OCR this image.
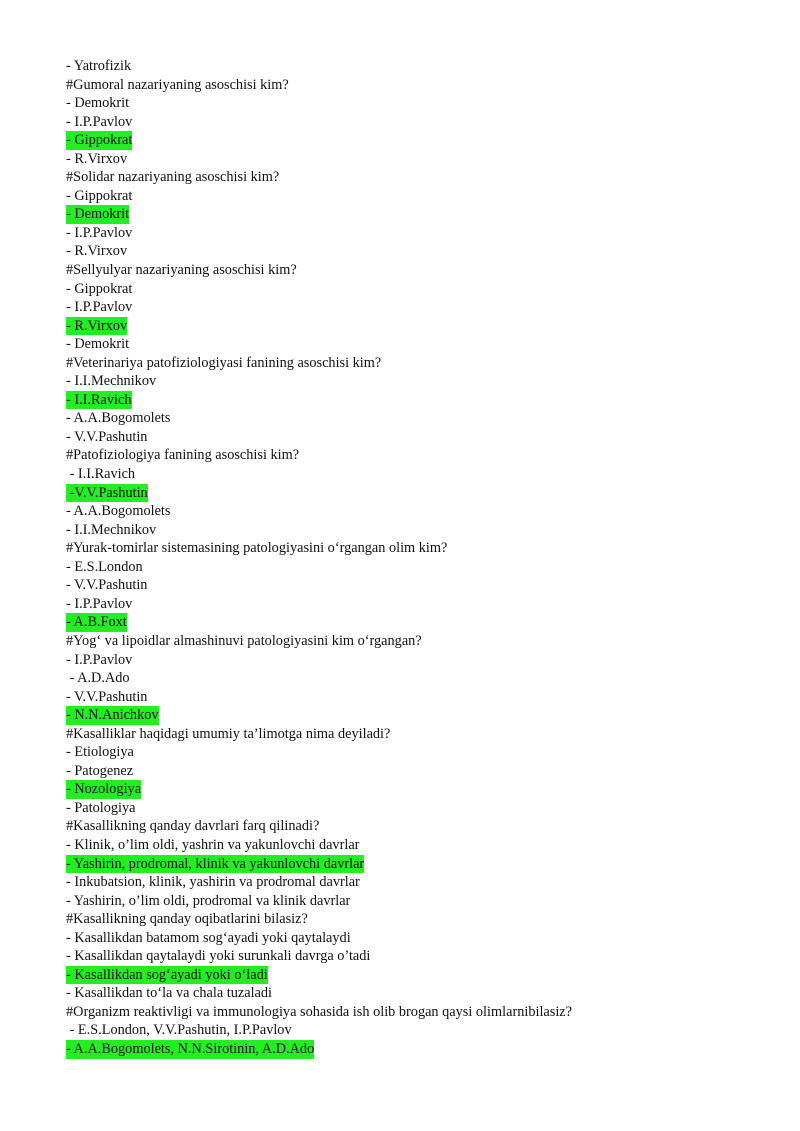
- Yatrofizik
#Gumoral nazariyaning asoschisi kim?
- Demokrit
- I.P.Pavlov
- Gippokrat
- R.Virxov
#Solidar nazariyaning asoschisi kim?
- Gippokrat
- Demokrit
- I.P.Pavlov
- R.Virxov
#Sellyulyar nazariyaning asoschisi kim?
- Gippokrat
- I.P.Pavlov
- R.Virxov
- Demokrit
#Veterinariya patofiziologiyasi fanining asoschisi kim?
- I.I.Mechnikov
- I.I.Ravich
- A.A.Bogomolets
- V.V.Pashutin
#Patofiziologiya fanining asoschisi kim?
- I.I.Ravich
-V.V.Pashutin
- A.A.Bogomolets
- I.I.Mechnikov
#Yurak-tomirlar sistemasining patologiyasini o‘rgangan olim kim?
- E.S.London
- V.V.Pashutin
- I.P.Pavlov
- A.B.Foxt
#Yog‘ va lipoidlar almashinuvi patologiyasini kim o‘rgangan?
- I.P.Pavlov
- A.D.Ado
- V.V.Pashutin
- N.N.Anichkov
#Kasalliklar haqidagi umumiy ta’limotga nima deyiladi?
- Etiologiya
- Patogenez
- Nozologiya
- Patologiya
#Kasallikning qanday davrlari farq qilinadi?
- Klinik, o’lim oldi, yashrin va yakunlovchi davrlar
- Yashirin, prodromal, klinik va yakunlovchi davrlar
- Inkubatsion, klinik, yashirin va prodromal davrlar
- Yashirin, o’lim oldi, prodromal va klinik davrlar
#Kasallikning qanday oqibatlarini bilasiz?
- Kasallikdan batamom sog‘ayadi yoki qaytalaydi
- Kasallikdan qaytalaydi yoki surunkali davrga o’tadi
- Kasallikdan sog‘ayadi yoki o‘ladi
- Kasallikdan to‘la va chala tuzaladi
#Organizm reaktivligi va immunologiya sohasida ish olib brogan qaysi olimlarnibilasiz?
- E.S.London, V.V.Pashutin, I.P.Pavlov
- A.A.Bogomolets, N.N.Sirotinin, A.D.Ado
